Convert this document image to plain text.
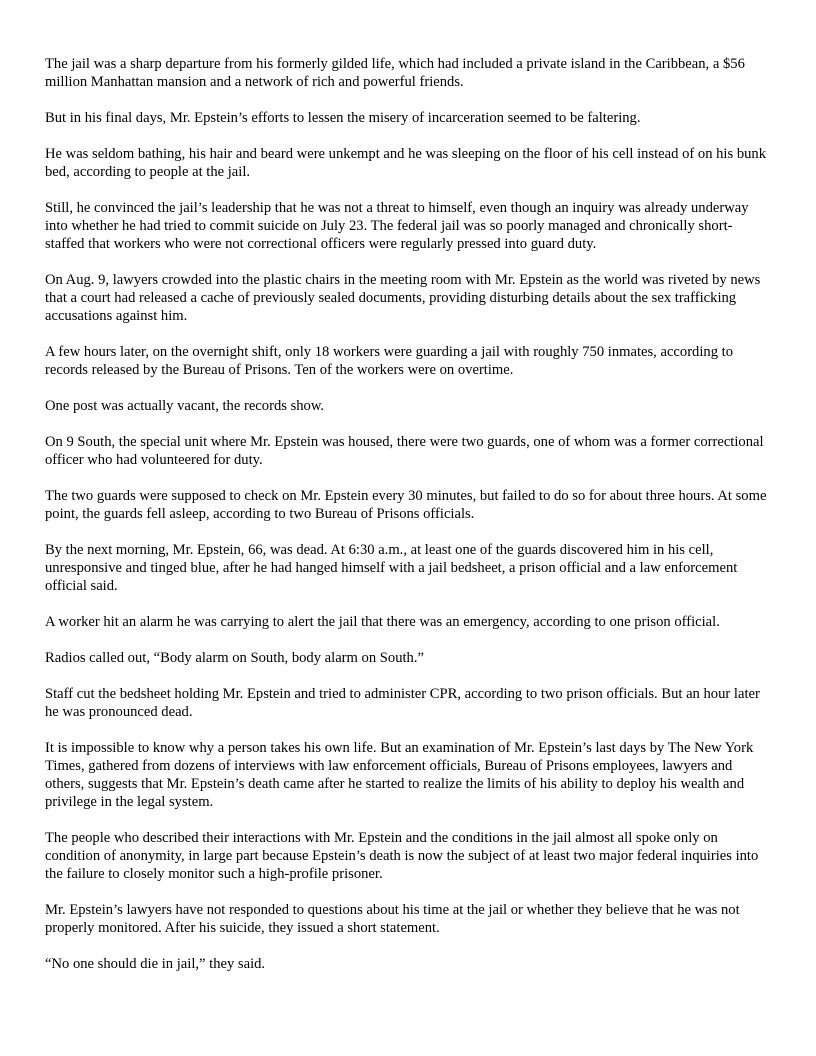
The jail was a sharp departure from his formerly gilded life, which had included a private island in the Caribbean, a $56 million Manhattan mansion and a network of rich and powerful friends.

But in his final days, Mr. Epstein’s efforts to lessen the misery of incarceration seemed to be faltering.

He was seldom bathing, his hair and beard were unkempt and he was sleeping on the floor of his cell instead of on his bunk bed, according to people at the jail.

Still, he convinced the jail’s leadership that he was not a threat to himself, even though an inquiry was already underway into whether he had tried to commit suicide on July 23. The federal jail was so poorly managed and chronically short-staffed that workers who were not correctional officers were regularly pressed into guard duty.

On Aug. 9, lawyers crowded into the plastic chairs in the meeting room with Mr. Epstein as the world was riveted by news that a court had released a cache of previously sealed documents, providing disturbing details about the sex trafficking accusations against him.

A few hours later, on the overnight shift, only 18 workers were guarding a jail with roughly 750 inmates, according to records released by the Bureau of Prisons. Ten of the workers were on overtime.

One post was actually vacant, the records show.

On 9 South, the special unit where Mr. Epstein was housed, there were two guards, one of whom was a former correctional officer who had volunteered for duty.

The two guards were supposed to check on Mr. Epstein every 30 minutes, but failed to do so for about three hours. At some point, the guards fell asleep, according to two Bureau of Prisons officials.

By the next morning, Mr. Epstein, 66, was dead. At 6:30 a.m., at least one of the guards discovered him in his cell, unresponsive and tinged blue, after he had hanged himself with a jail bedsheet, a prison official and a law enforcement official said.

A worker hit an alarm he was carrying to alert the jail that there was an emergency, according to one prison official.

Radios called out, “Body alarm on South, body alarm on South.”

Staff cut the bedsheet holding Mr. Epstein and tried to administer CPR, according to two prison officials. But an hour later he was pronounced dead.

It is impossible to know why a person takes his own life. But an examination of Mr. Epstein’s last days by The New York Times, gathered from dozens of interviews with law enforcement officials, Bureau of Prisons employees, lawyers and others, suggests that Mr. Epstein’s death came after he started to realize the limits of his ability to deploy his wealth and privilege in the legal system.

The people who described their interactions with Mr. Epstein and the conditions in the jail almost all spoke only on condition of anonymity, in large part because Epstein’s death is now the subject of at least two major federal inquiries into the failure to closely monitor such a high-profile prisoner.

Mr. Epstein’s lawyers have not responded to questions about his time at the jail or whether they believe that he was not properly monitored. After his suicide, they issued a short statement.

“No one should die in jail,” they said.
